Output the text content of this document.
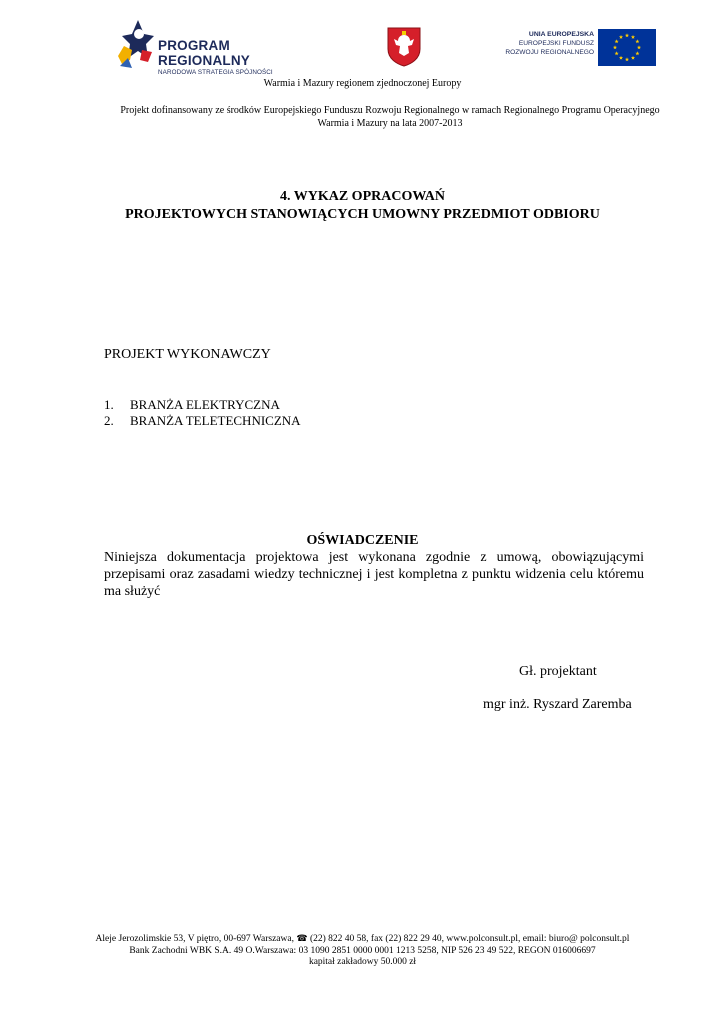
PROGRAM REGIONALNY
NARODOWA STRATEGIA SPÓJNOŚCI
UNIA EUROPEJSKA
EUROPEJSKI FUNDUSZ
ROZWOJU REGIONALNEGO
Warmia i Mazury regionem zjednoczonej Europy
Projekt dofinansowany ze środków Europejskiego Funduszu Rozwoju Regionalnego w ramach Regionalnego Programu Operacyjnego Warmia i Mazury na lata 2007-2013
4. WYKAZ OPRACOWAŃ
PROJEKTOWYCH STANOWIĄCYCH UMOWNY PRZEDMIOT ODBIORU
PROJEKT WYKONAWCZY
1. BRANŻA ELEKTRYCZNA
2. BRANŻA TELETECHNICZNA
OŚWIADCZENIE
Niniejsza dokumentacja projektowa jest wykonana zgodnie z umową, obowiązującymi przepisami oraz zasadami wiedzy technicznej i jest kompletna z punktu widzenia celu któremu ma służyć
Gł. projektant
mgr inż. Ryszard Zaremba
Aleje Jerozolimskie 53, V piętro, 00-697 Warszawa, ☎ (22) 822 40 58, fax (22) 822 29 40, www.polconsult.pl, email: biuro@ polconsult.pl
Bank Zachodni WBK S.A. 49 O.Warszawa: 03 1090 2851 0000 0001 1213 5258, NIP 526 23 49 522, REGON 016006697
kapitał zakładowy 50.000 zł
